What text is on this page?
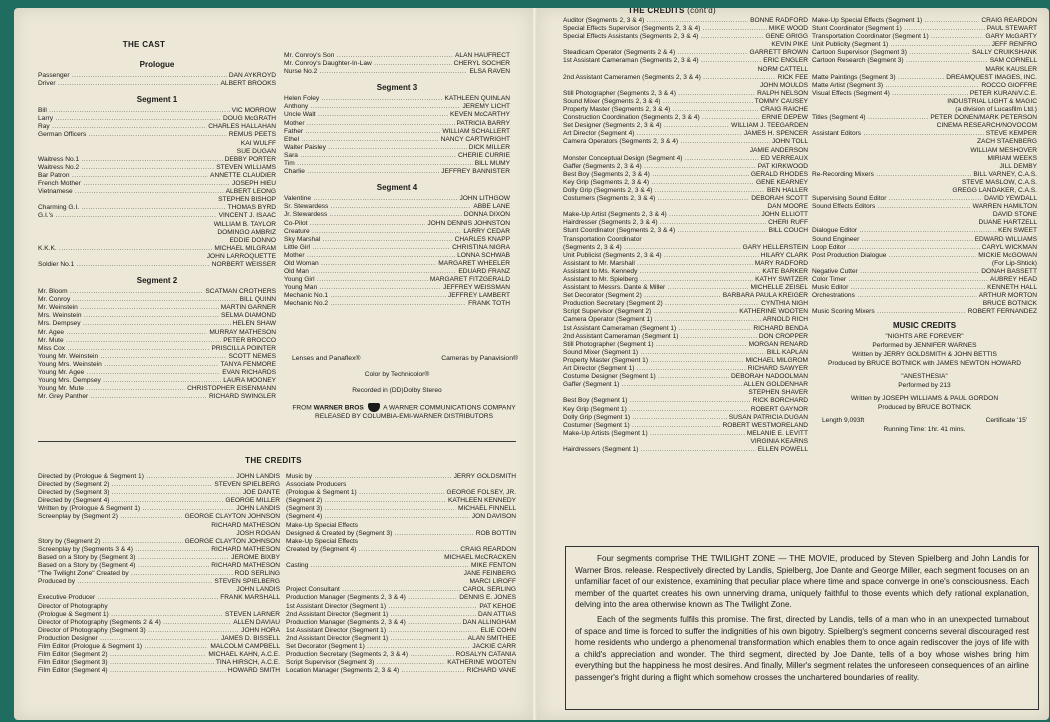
THE CAST
Prologue
Passenger .....	DAN AYKROYD
Driver .....	ALBERT BROOKS
Segment 1
Bill .....	VIC MORROW
Larry .....	DOUG McGRATH
Ray .....	CHARLES HALLAHAN
German Officers .....	REMUS PEETS
KAI WULFF
SUE DUGAN
Waitress No.1 .....	DEBBY PORTER
Waitress No.2 .....	STEVEN WILLIAMS
Bar Patron .....	ANNETTE CLAUDIER
French Mother .....	JOSEPH HIEU
Vietnamese .....	ALBERT LEONG
STEPHEN BISHOP
Charming G.I. .....	THOMAS BYRD
G.I.'s .....	VINCENT J. ISAAC
WILLIAM B. TAYLOR
DOMINGO AMBRIZ
EDDIE DONNO
K.K.K. .....	MICHAEL MILGRAM
JOHN LARROQUETTE
Soldier No.1 .....	NORBERT WEISSER
Segment 2
Mr. Bloom .....	SCATMAN CROTHERS
Mr. Conroy .....	BILL QUINN
Mr. Weinstein .....	MARTIN GARNER
Mrs. Weinstein .....	SELMA DIAMOND
Mrs. Dempsey .....	HELEN SHAW
Mr. Agee .....	MURRAY MATHESON
Mr. Mute .....	PETER BROCCO
Miss Cox .....	PRISCILLA POINTER
Young Mr. Weinstein .....	SCOTT NEMES
Young Mrs. Weinstein .....	TANYA FENMORE
Young Mr. Agee .....	EVAN RICHARDS
Young Mrs. Dempsey .....	LAURA MOONEY
Young Mr. Mute .....	CHRISTOPHER EISENMANN
Mr. Grey Panther .....	RICHARD SWINGLER
Mr. Conroy's Son .....	ALAN HAUFRECT
Mr. Conroy's Daughter-In-Law .....	CHERYL SOCHER
Nurse No.2 .....	ELSA RAVEN
Segment 3
Helen Foley .....	KATHLEEN QUINLAN
Anthony .....	JEREMY LICHT
Uncle Walt .....	KEVEN McCARTHY
Mother .....	PATRICIA BARRY
Father .....	WILLIAM SCHALLERT
Ethel .....	NANCY CARTWRIGHT
Walter Paisley .....	DICK MILLER
Sara .....	CHERIE CURRIE
Tim .....	BILL MUMY
Charlie .....	JEFFREY BANNISTER
Segment 4
Valentine .....	JOHN LITHGOW
Sr. Stewardess .....	ABBE LANE
Jr. Stewardess .....	DONNA DIXON
Co-Pilot .....	JOHN DENNIS JOHNSTON
Creature .....	LARRY CEDAR
Sky Marshal .....	CHARLES KNAPP
Little Girl .....	CHRISTINA NIGRA
Mother .....	LONNA SCHWAB
Old Woman .....	MARGARET WHEELER
Old Man .....	EDUARD FRANZ
Young Girl .....	MARGARET FITZGERALD
Young Man .....	JEFFREY WEISSMAN
Mechanic No.1 .....	JEFFREY LAMBERT
Mechanic No.2 .....	FRANK TOTH
Lenses and Panaflex®	Cameras by Panavision®
Color by Technicolor®
Recorded in (DD)Dolby Stereo
FROM WARNER BROS	A WARNER COMMUNICATIONS COMPANY
RELEASED BY COLUMBIA-EMI-WARNER DISTRIBUTORS
THE CREDITS
Directed by (Prologue & Segment 1) .....	JOHN LANDIS
Directed by (Segment 2) .....	STEVEN SPIELBERG
Directed by (Segment 3) .....	JOE DANTE
Directed by (Segment 4) .....	GEORGE MILLER
Written by (Prologue & Segment 1) .....	JOHN LANDIS
Screenplay by (Segment 2) .....	GEORGE CLAYTON JOHNSON
RICHARD MATHESON
JOSH ROGAN
Story by (Segment 2) .....	GEORGE CLAYTON JOHNSON
Screenplay by (Segments 3 & 4) .....	RICHARD MATHESON
Based on a Story by (Segment 3) .....	JEROME BIXBY
Based on a Story by (Segment 4) .....	RICHARD MATHESON
"The Twilight Zone" Created by .....	ROD SERLING
Produced by .....	STEVEN SPIELBERG
JOHN LANDIS
Executive Producer .....	FRANK MARSHALL
Director of Photography
(Prologue & Segment 1) .....	STEVEN LARNER
Director of Photography (Segments 2 & 4) .....	ALLEN DAVIAU
Director of Photography (Segment 3) .....	JOHN HORA
Production Designer .....	JAMES D. BISSELL
Film Editor (Prologue & Segment 1) .....	MALCOLM CAMPBELL
Film Editor (Segment 2) .....	MICHAEL KAHN, A.C.E.
Film Editor (Segment 3) .....	TINA HIRSCH, A.C.E.
Film Editor (Segment 4) .....	HOWARD SMITH
Music by .....	JERRY GOLDSMITH
Associate Producers
(Prologue & Segment 1) .....	GEORGE FOLSEY, JR.
(Segment 2) .....	KATHLEEN KENNEDY
(Segment 3) .....	MICHAEL FINNELL
(Segment 4) .....	JON DAVISON
Make-Up Special Effects
Designed & Created by (Segment 3) .....	ROB BOTTIN
Make-Up Special Effects
Created by (Segment 4) .....	CRAIG REARDON
MICHAEL McCRACKEN
Casting .....	MIKE FENTON
JANE FEINBERG
MARCI LIROFF
Project Consultant .....	CAROL SERLING
Production Manager (Segments 2, 3 & 4) .....	DENNIS E. JONES
1st Assistant Director (Segment 1) .....	PAT KEHOE
2nd Assistant Director (Segment 1) .....	DAN ATTIAS
Production Manager (Segments 2, 3 & 4) .....	DAN ALLINGHAM
1st Assistant Director (Segment 1) .....	ELIE COHN
2nd Assistant Director (Segment 1) .....	ALAN SMITHEE
Set Decorator (Segment 1) .....	JACKIE CARR
Production Secretary (Segments 2, 3 & 4) .....	ROSALYN CATANIA
Script Supervisor (Segment 3) .....	KATHERINE WOOTEN
Location Manager (Segments 2, 3 & 4) .....	RICHARD VANE
THE CREDITS (cont'd)
Auditor (Segments 2, 3 & 4) .....	BONNE RADFORD
Special Effects Supervisor (Segments 2, 3 & 4) .....	MIKE WOOD
Special Effects Assistants (Segments 2, 3 & 4) .....	GENE GRIGG
KEVIN PIKE
Steadicam Operator (Segments 2 & 4) .....	GARRETT BROWN
1st Assistant Cameraman (Segments 2, 3 & 4) .....	ERIC ENGLER
NORM CATTELL
2nd Assistant Cameramen (Segments 2, 3 & 4) .....	RICK FEE
JOHN MOULDS
Still Photographer (Segments 2, 3 & 4) .....	RALPH NELSON
Sound Mixer (Segments 2, 3 & 4) .....	TOMMY CAUSEY
Property Master (Segments 2, 3 & 4) .....	CRAIG RAICHE
Construction Coordination (Segments 2, 3 & 4) .....	ERNIE DEPEW
Set Designer (Segments 2, 3 & 4) .....	WILLIAM J. TEEGARDEN
Art Director (Segment 4) .....	JAMES H. SPENCER
Camera Operators (Segments 2, 3 & 4) .....	JOHN TOLL
JAMIE ANDERSON
Monster Conceptual Design (Segment 4) .....	ED VERREAUX
Gaffer (Segments 2, 3 & 4) .....	PAT KIRKWOOD
Best Boy (Segments 2, 3 & 4) .....	GERALD RHODES
Key Grip (Segments 2, 3 & 4) .....	GENE KEARNEY
Dolly Grip (Segments 2, 3 & 4) .....	BEN HALLER
Costumers (Segments 2, 3 & 4) .....	DEBORAH SCOTT
DAN MOORE
Make-Up Artist (Segments 2, 3 & 4) .....	JOHN ELLIOTT
Hairdresser (Segments 2, 3 & 4) .....	CHERI RUFF
Stunt Coordinator (Segments 2, 3 & 4) .....	BILL COUCH
Transportation Coordinator
(Segments 2, 3 & 4) .....	GARY HELLERSTEIN
Unit Publicist (Segments 2, 3 & 4) .....	HILARY CLARK
Assistant to Mr. Marshall .....	MARY RADFORD
Assistant to Ms. Kennedy .....	KATE BARKER
Assistant to Mr. Spielberg .....	KATHY SWITZER
Assistant to Messrs. Dante & Miller .....	MICHELLE ZEISEL
Set Decorator (Segment 2) .....	BARBARA PAULA KREIGER
Production Secretary (Segment 2) .....	CYNTHIA NIGH
Script Supervisor (Segment 2) .....	KATHERINE WOOTEN
Camera Operator (Segment 1) .....	ARNOLD RICH
1st Assistant Cameraman (Segment 1) .....	RICHARD BENDA
2nd Assistant Cameraman (Segment 1) .....	DON CROPPER
Still Photographer (Segment 1) .....	MORGAN RENARD
Sound Mixer (Segment 1) .....	BILL KAPLAN
Property Master (Segment 1) .....	MICHAEL MILGROM
Art Director (Segment 1) .....	RICHARD SAWYER
Costume Designer (Segment 1) .....	DEBORAH NADOOLMAN
Gaffer (Segment 1) .....	ALLEN GOLDENHAR
STEPHEN SHAVER
Best Boy (Segment 1) .....	RICK BORCHARD
Key Grip (Segment 1) .....	ROBERT GAYNOR
Dolly Grip (Segment 1) .....	SUSAN PATRICIA DUGAN
Costumer (Segment 1) .....	ROBERT WESTMORELAND
Make-Up Artists (Segment 1) .....	MELANIE E. LEVITT
VIRGINIA KEARNS
Hairdressers (Segment 1) .....	ELLEN POWELL
Make-Up Special Effects (Segment 1) .....	CRAIG REARDON
Stunt Coordinator (Segment 1) .....	PAUL STEWART
Transportation Coordinator (Segment 1) .....	GARY McGARTY
Unit Publicity (Segment 1) .....	JEFF RENFRO
Cartoon Supervisor (Segment 3) .....	SALLY CRUIKSHANK
Cartoon Research (Segment 3) .....	SAM CORNELL
MARK KAUSLER
Matte Paintings (Segment 3) .....	DREAMQUEST IMAGES, INC.
Matte Artist (Segment 3) .....	ROCCO GIOFFRE
Visual Effects (Segment 4) .....	PETER KURAN/V.C.E.
INDUSTRIAL LIGHT & MAGIC
(a division of Lucasfilm Ltd.)
Titles (Segment 4) .....	PETER DONEN/MARK PETERSON
CINEMA RESEARCH/NOVOCOM
Assistant Editors .....	STEVE KEMPER
ZACH STAENBERG
WILLIAM MESHOVER
MIRIAM WEEKS
JILL DEMBY
Re-Recording Mixers .....	BILL VARNEY, C.A.S.
STEVE MASLOW, C.A.S.
GREGG LANDAKER, C.A.S.
Supervising Sound Editor .....	DAVID YEWDALL
Sound Effects Editors .....	WARREN HAMILTON
DAVID STONE
DUANE HARTZELL
Dialogue Editor .....	KEN SWEET
Sound Engineer .....	EDWARD WILLIAMS
Loop Editor .....	CARYL WICKMAN
Post Production Dialogue .....	MICKIE McGOWAN
(For Lip-Shtick)
Negative Cutter .....	DONAH BASSETT
Color Timer .....	AUBREY HEAD
Music Editor .....	KENNETH HALL
Orchestrations .....	ARTHUR MORTON
BRUCE BOTNICK
Music Scoring Mixers .....	ROBERT FERNANDEZ
MUSIC CREDITS
"NIGHTS ARE FOREVER"
Performed by JENNIFER WARNES
Written by JERRY GOLDSMITH & JOHN BETTIS
Produced by BRUCE BOTNICK with JAMES NEWTON HOWARD
"ANESTHESIA"
Performed by 213
Written by JOSEPH WILLIAMS & PAUL GORDON
Produced by BRUCE BOTNICK
Length 9,093ft	Certificate '15'
Running Time: 1hr. 41 mins.

Four segments comprise THE TWILIGHT ZONE — THE MOVIE, produced by Steven Spielberg and John Landis for Warner Bros. release. Respectively directed by Landis, Spielberg, Joe Dante and George Miller, each segment focuses on an unfamiliar facet of our existence, examining that peculiar place where time and space converge in one's consciousness. Each member of the quartet creates his own unnerving drama, uniquely faithful to those events which defy rational explanation, delving into the area otherwise known as The Twilight Zone.

Each of the segments fulfils this promise. The first, directed by Landis, tells of a man who in an unexpected turnabout of space and time is forced to suffer the indignities of his own bigotry. Spielberg's segment concerns several discouraged rest home residents who undergo a phenomenal transformation which enables them to once again rediscover the joys of life with a child's appreciation and wonder. The third segment, directed by Joe Dante, tells of a boy whose wishes bring him everything but the happiness he most desires. And finally, Miller's segment relates the unforeseen consequences of an airline passenger's fright during a flight which somehow crosses the unchartered boundaries of reality.
